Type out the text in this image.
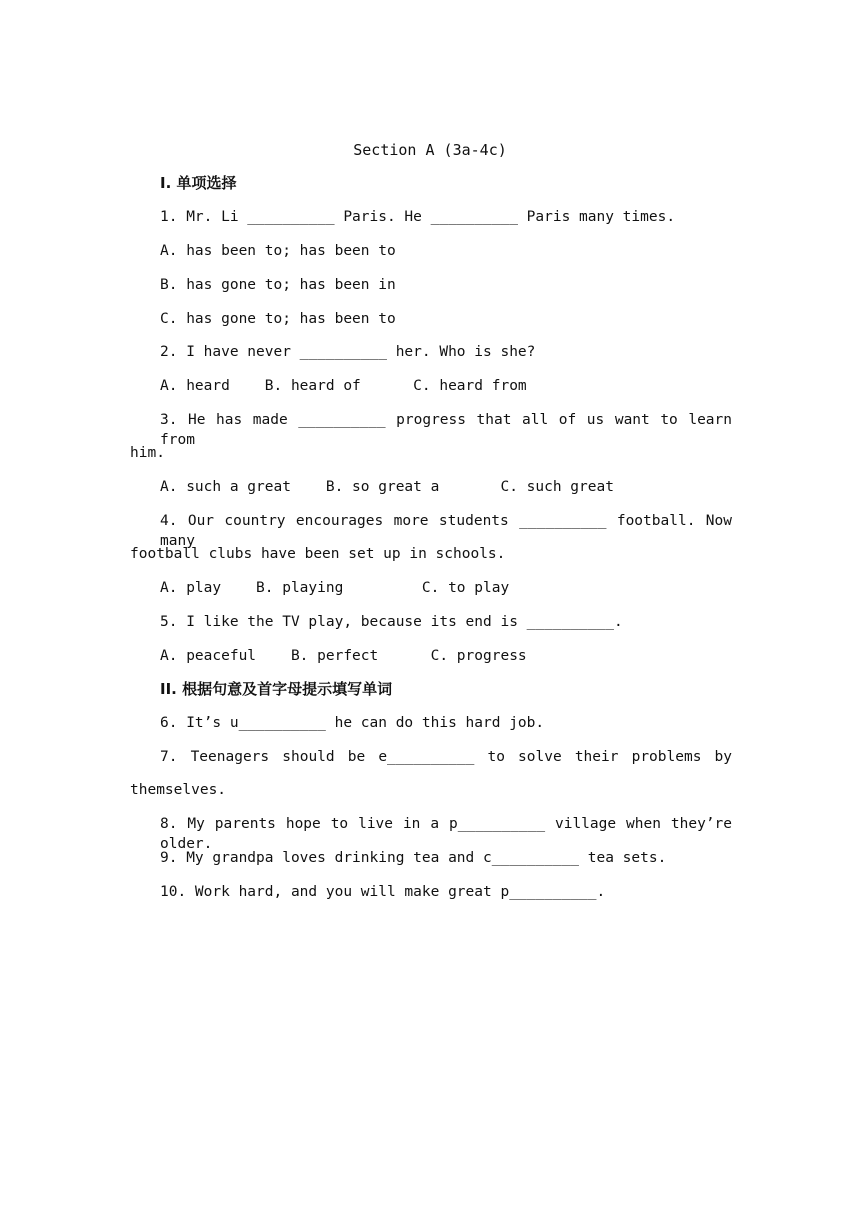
Section A (3a-4c)
I. 单项选择
1. Mr. Li __________ Paris. He __________ Paris many times.
A. has been to; has been to
B. has gone to; has been in
C. has gone to; has been to
2. I have never __________ her. Who is she?
A. heard    B. heard of      C. heard from
3. He has made __________ progress that all of us want to learn from
him.
A. such a great    B. so great a       C. such great
4. Our country encourages more students __________ football. Now many
football clubs have been set up in schools.
A. play    B. playing         C. to play
5. I like the TV play, because its end is __________.
A. peaceful    B. perfect      C. progress
II. 根据句意及首字母提示填写单词
6. It’s u__________ he can do this hard job.
7. Teenagers should be e__________ to solve their problems by
themselves.
8. My parents hope to live in a p__________ village when they’re older.
9. My grandpa loves drinking tea and c__________ tea sets.
10. Work hard, and you will make great p__________.
